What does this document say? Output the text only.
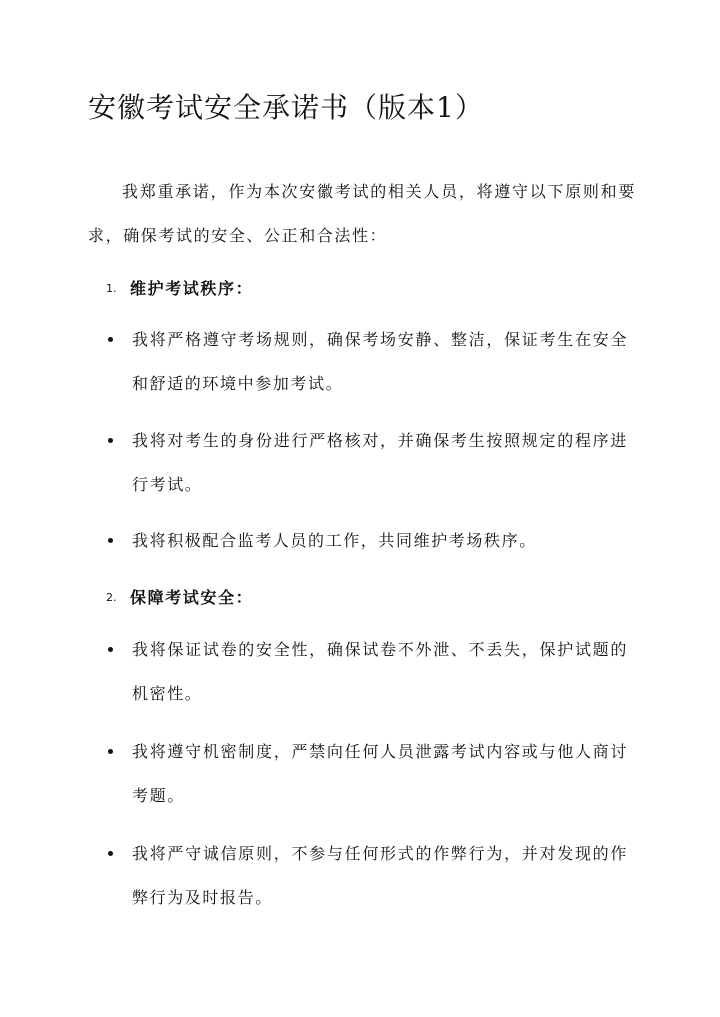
安徽考试安全承诺书（版本1）

我郑重承诺，作为本次安徽考试的相关人员，将遵守以下原则和要求，确保考试的安全、公正和合法性：

1. 维护考试秩序：
我将严格遵守考场规则，确保考场安静、整洁，保证考生在安全和舒适的环境中参加考试。
我将对考生的身份进行严格核对，并确保考生按照规定的程序进行考试。
我将积极配合监考人员的工作，共同维护考场秩序。
2. 保障考试安全：
我将保证试卷的安全性，确保试卷不外泄、不丢失，保护试题的机密性。
我将遵守机密制度，严禁向任何人员泄露考试内容或与他人商讨考题。
我将严守诚信原则，不参与任何形式的作弊行为，并对发现的作弊行为及时报告。
